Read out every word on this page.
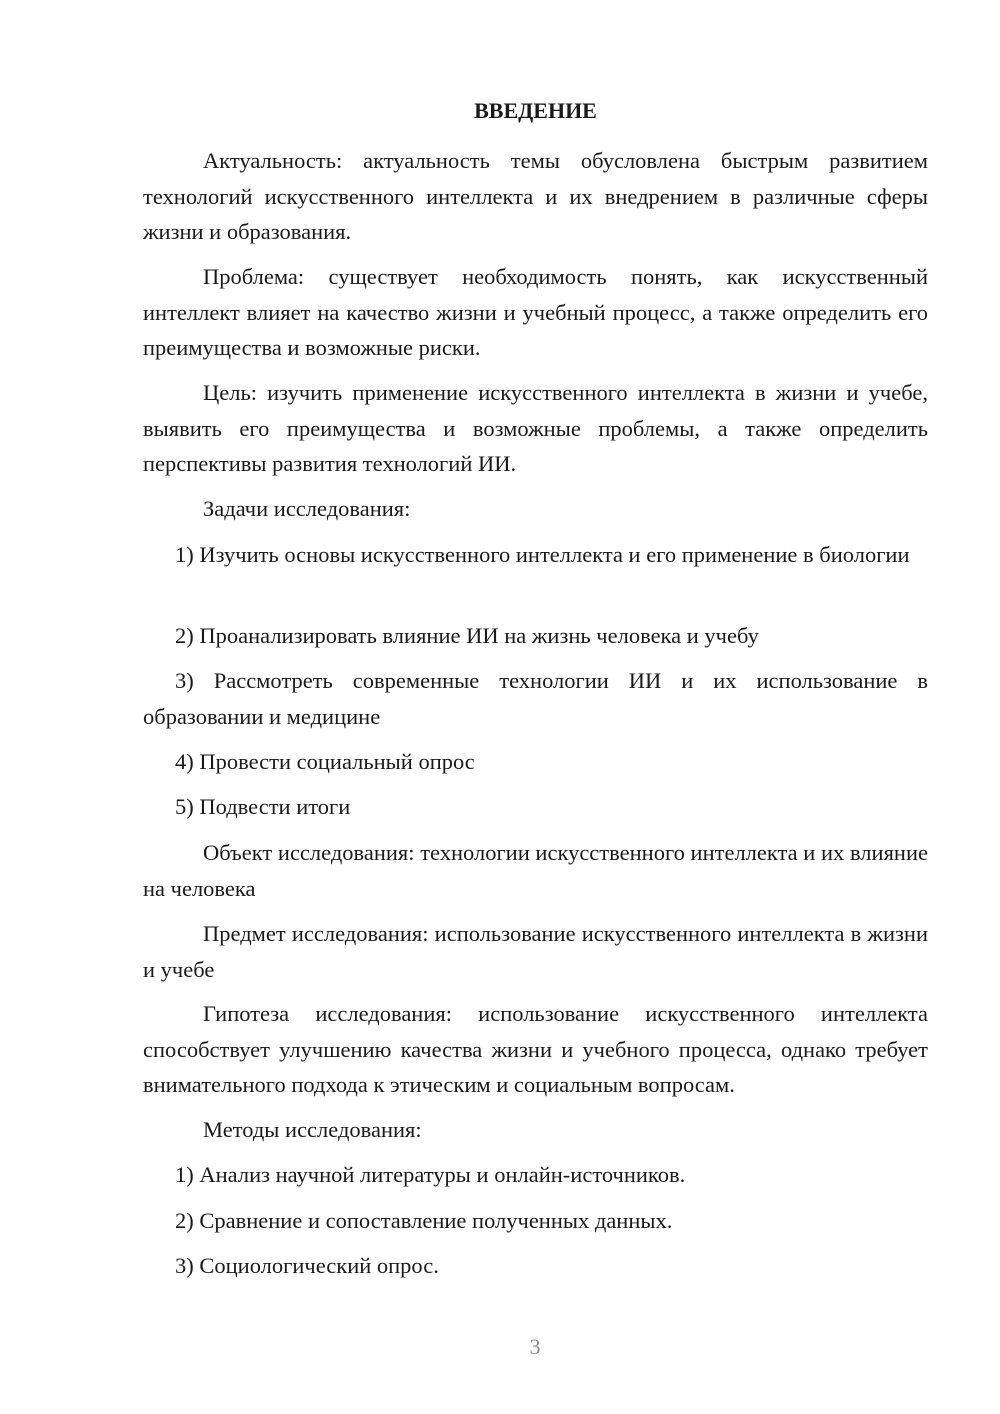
ВВЕДЕНИЕ

Актуальность: актуальность темы обусловлена быстрым развитием технологий искусственного интеллекта и их внедрением в различные сферы жизни и образования.

Проблема: существует необходимость понять, как искусственный интеллект влияет на качество жизни и учебный процесс, а также определить его преимущества и возможные риски.

Цель: изучить применение искусственного интеллекта в жизни и учебе, выявить его преимущества и возможные проблемы, а также определить перспективы развития технологий ИИ.

Задачи исследования:

1) Изучить основы искусственного интеллекта и его применение в биологии

2) Проанализировать влияние ИИ на жизнь человека и учебу

3) Рассмотреть современные технологии ИИ и их использование в образовании и медицине

4) Провести социальный опрос

5) Подвести итоги

Объект исследования: технологии искусственного интеллекта и их влияние на человека

Предмет исследования: использование искусственного интеллекта в жизни и учебе

Гипотеза исследования: использование искусственного интеллекта способствует улучшению качества жизни и учебного процесса, однако требует внимательного подхода к этическим и социальным вопросам.

Методы исследования:

1) Анализ научной литературы и онлайн-источников.

2) Сравнение и сопоставление полученных данных.

3) Социологический опрос.

3
